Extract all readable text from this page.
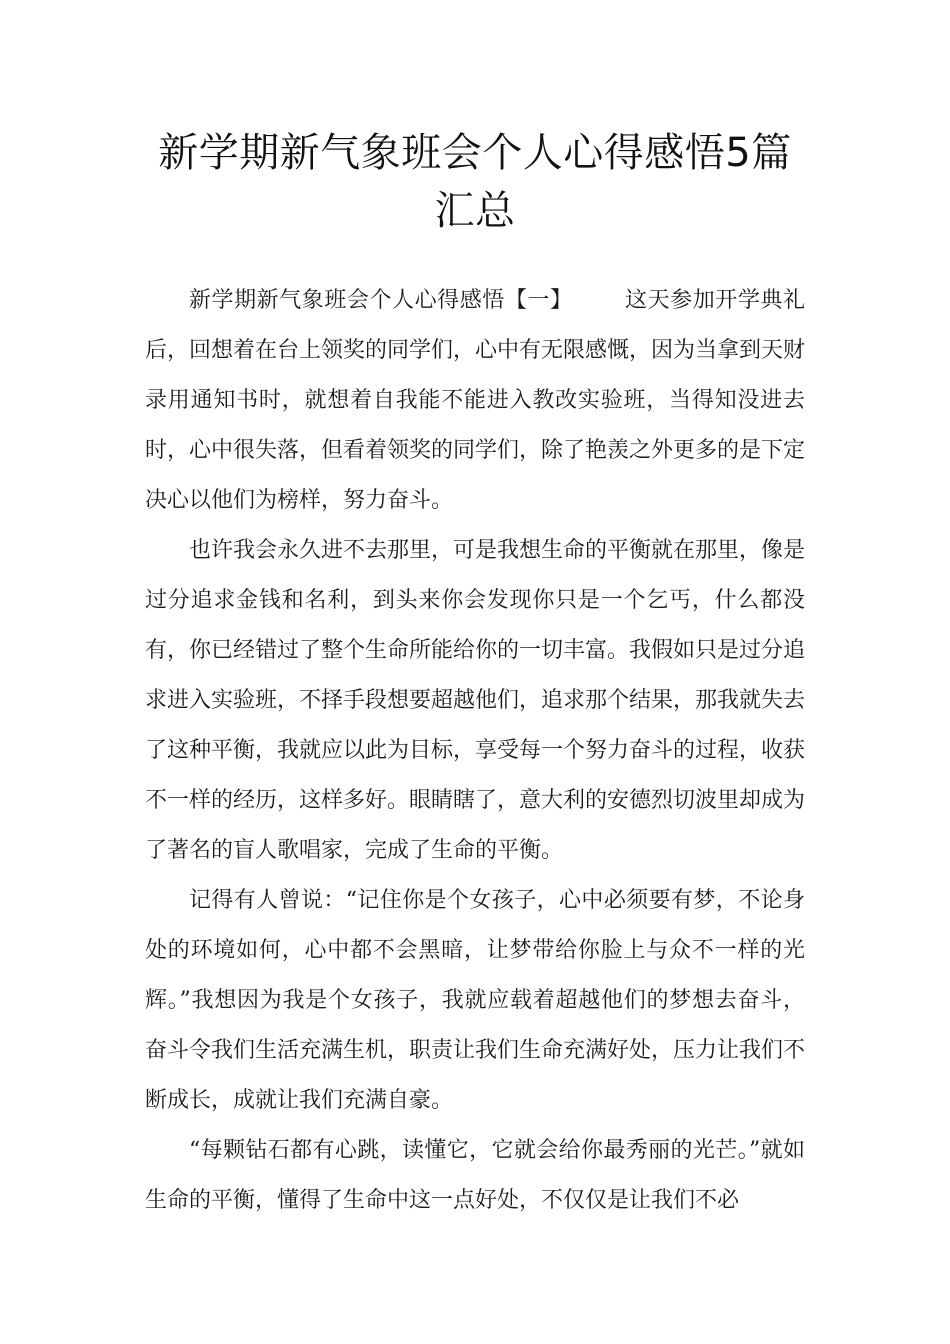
新学期新气象班会个人心得感悟5篇汇总

新学期新气象班会个人心得感悟【一】 这天参加开学典礼后，回想着在台上领奖的同学们，心中有无限感慨，因为当拿到天财录用通知书时，就想着自我能不能进入教改实验班，当得知没进去时，心中很失落，但看着领奖的同学们，除了艳羡之外更多的是下定决心以他们为榜样，努力奋斗。

也许我会永久进不去那里，可是我想生命的平衡就在那里，像是过分追求金钱和名利，到头来你会发现你只是一个乞丐，什么都没有，你已经错过了整个生命所能给你的一切丰富。我假如只是过分追求进入实验班，不择手段想要超越他们，追求那个结果，那我就失去了这种平衡，我就应以此为目标，享受每一个努力奋斗的过程，收获不一样的经历，这样多好。眼睛瞎了，意大利的安德烈切波里却成为了著名的盲人歌唱家，完成了生命的平衡。

记得有人曾说：“记住你是个女孩子，心中必须要有梦，不论身处的环境如何，心中都不会黑暗，让梦带给你脸上与众不一样的光辉。”我想因为我是个女孩子，我就应载着超越他们的梦想去奋斗，奋斗令我们生活充满生机，职责让我们生命充满好处，压力让我们不断成长，成就让我们充满自豪。

“每颗钻石都有心跳，读懂它，它就会给你最秀丽的光芒。”就如生命的平衡，懂得了生命中这一点好处，不仅仅是让我们不必
